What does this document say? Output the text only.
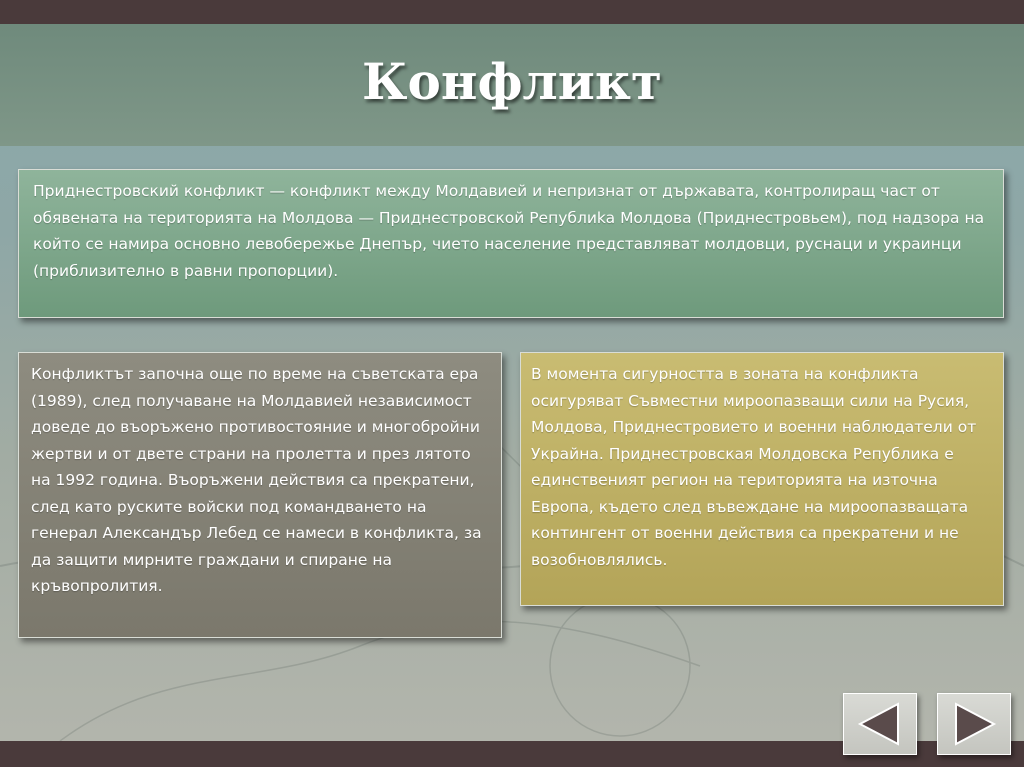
Конфликт

Приднестровский конфликт — конфликт между Молдавией и непризнат от държавата, контролиращ част от обявената на територията на Молдова — Приднестровской Републиka Молдова (Приднестровьем), под надзора на който се намира основно левобережье Днепър, чието население представляват молдовци, руснаци и украинци (приблизително в равни пропорции).

Конфликтът започна още по време на съветската ера (1989), след получаване на Молдавией независимост доведе до въоръжено противостояние и многобройни жертви и от двете страни на пролетта и през лятото на 1992 година. Въоръжени действия са прекратени, след като руските войски под командването на генерал Александър Лебед се намеси в конфликта, за да защити мирните граждани и спиране на кръвопролития.

В момента сигурността в зоната на конфликта осигуряват Съвместни мироопазващи сили на Русия, Молдова, Приднестровието и военни наблюдатели от Украйна. Приднестровская Молдовска Република е единственият регион на територията на източна Европа, където след въвеждане на мироопазващата контингент от военни действия са прекратени и не возобновлялись.
